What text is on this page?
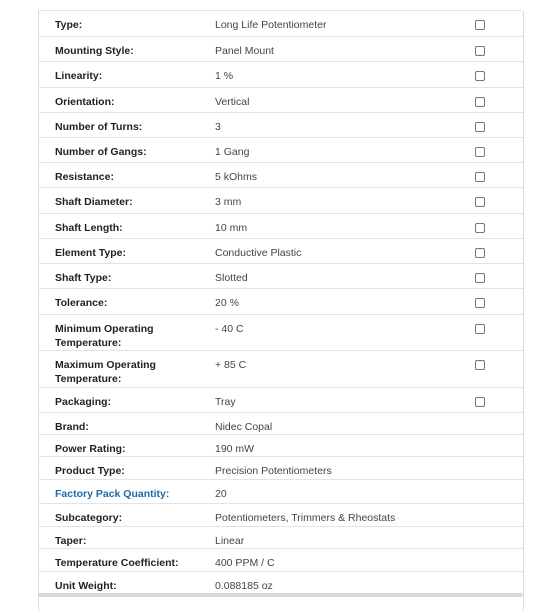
Type:	Long Life Potentiometer	

Mounting Style:	Panel Mount	

Linearity:	1 %	

Orientation:	Vertical	

Number of Turns:	3	

Number of Gangs:	1 Gang	

Resistance:	5 kOhms	

Shaft Diameter:	3 mm	

Shaft Length:	10 mm	

Element Type:	Conductive Plastic	

Shaft Type:	Slotted	

Tolerance:	20 %	

Minimum Operating Temperature:	- 40 C	

Maximum Operating Temperature:	+ 85 C	

Packaging:	Tray	

Brand:	Nidec Copal	

Power Rating:	190 mW	

Product Type:	Precision Potentiometers	

Factory Pack Quantity:	20	

Subcategory:	Potentiometers, Trimmers & Rheostats	

Taper:	Linear	

Temperature Coefficient:	400 PPM / C	

Unit Weight:	0.088185 oz	
